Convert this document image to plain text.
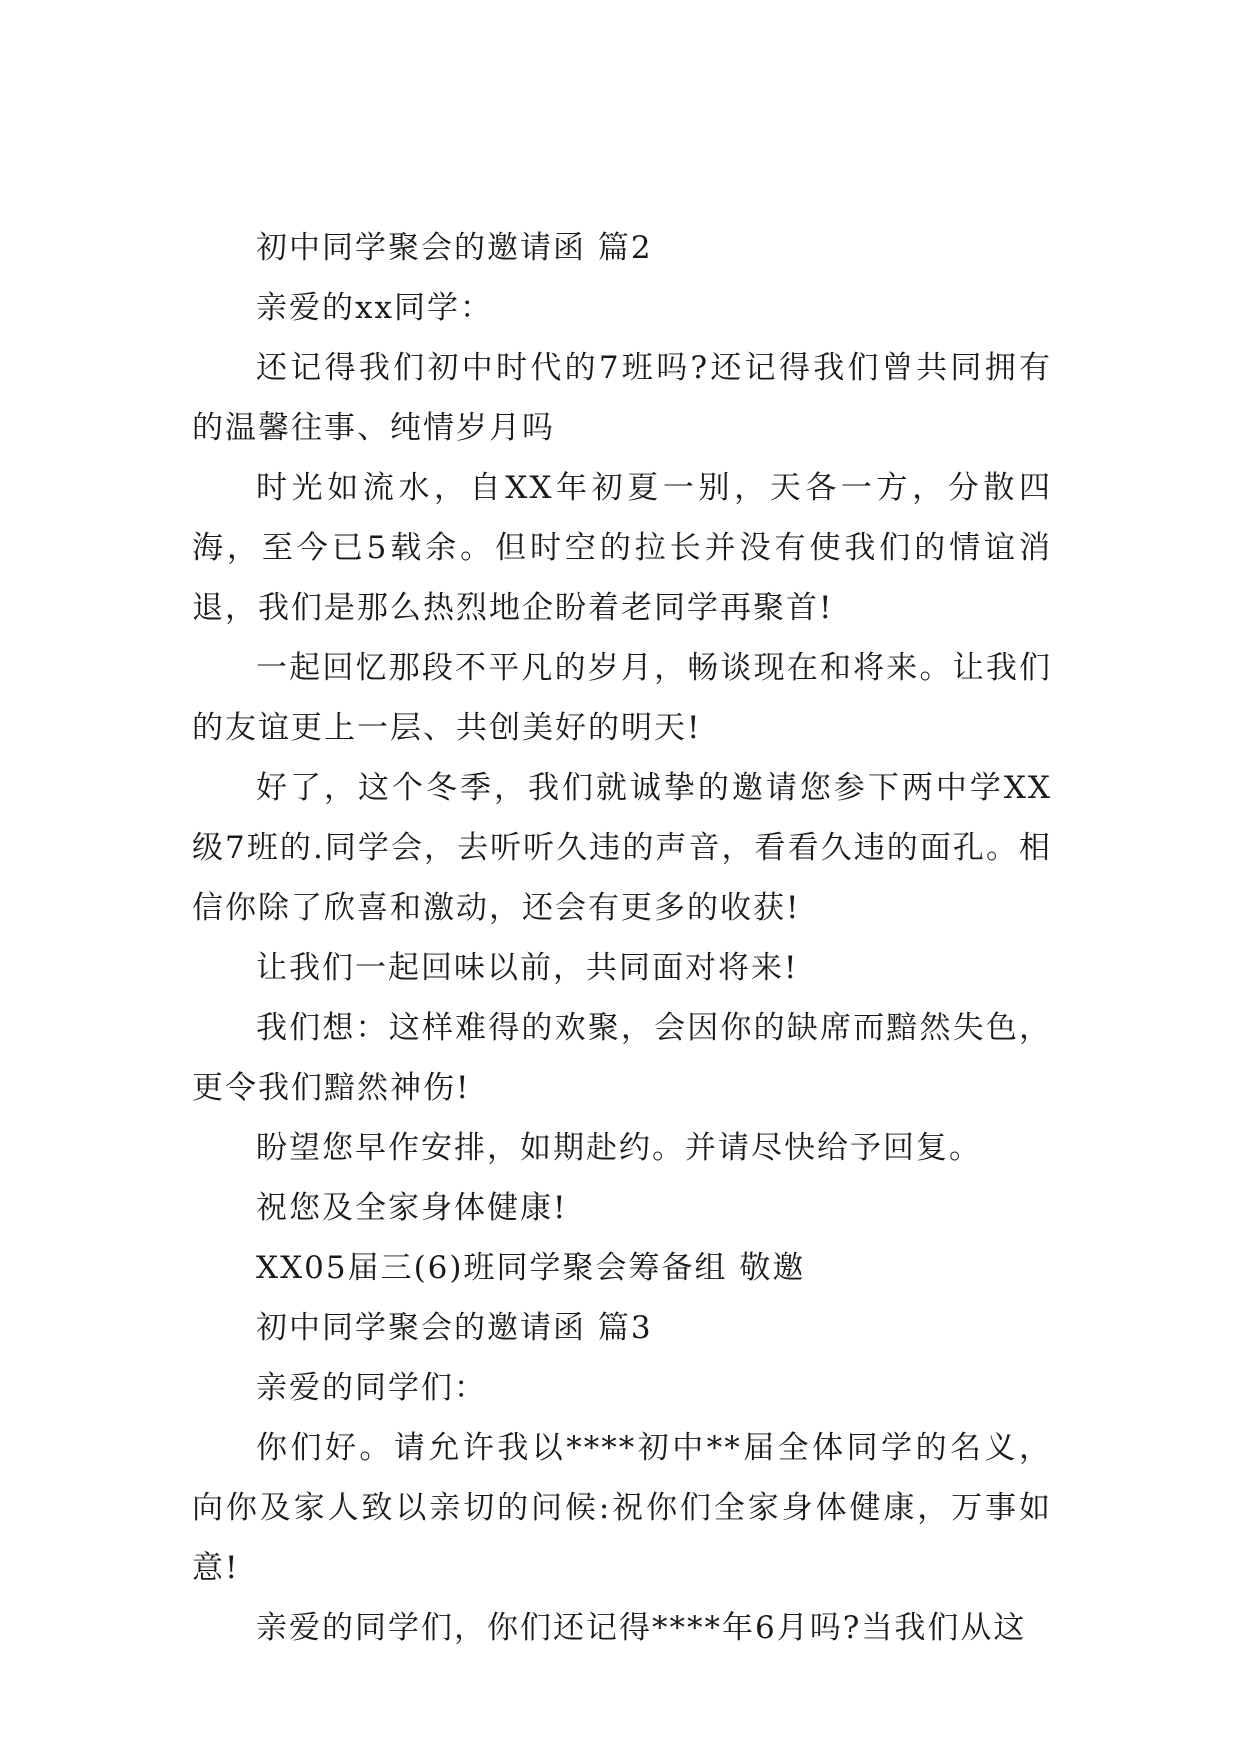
初中同学聚会的邀请函 篇2

亲爱的xx同学：

还记得我们初中时代的7班吗?还记得我们曾共同拥有的温馨往事、纯情岁月吗

时光如流水，自XX年初夏一别，天各一方，分散四海，至今已5载余。但时空的拉长并没有使我们的情谊消退，我们是那么热烈地企盼着老同学再聚首!

一起回忆那段不平凡的岁月，畅谈现在和将来。让我们的友谊更上一层、共创美好的明天!

好了，这个冬季，我们就诚挚的邀请您参下两中学XX级7班的.同学会，去听听久违的声音，看看久违的面孔。相信你除了欣喜和激动，还会有更多的收获!

让我们一起回味以前，共同面对将来!

我们想：这样难得的欢聚，会因你的缺席而黯然失色，更令我们黯然神伤!

盼望您早作安排，如期赴约。并请尽快给予回复。

祝您及全家身体健康!

XX05届三(6)班同学聚会筹备组 敬邀

初中同学聚会的邀请函 篇3

亲爱的同学们：

你们好。请允许我以****初中**届全体同学的名义，向你及家人致以亲切的问候:祝你们全家身体健康，万事如意!

亲爱的同学们，你们还记得****年6月吗?当我们从这
